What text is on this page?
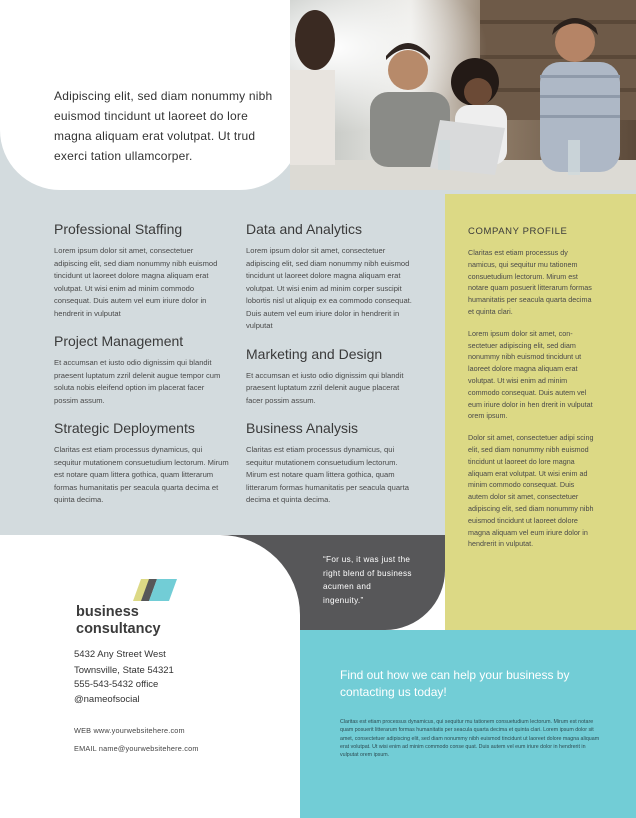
Adipiscing elit, sed diam nonummy nibh euismod tincidunt ut laoreet do lore magna aliquam erat volutpat. Ut trud exerci tation ullamcorper.
Professional Staffing

Lorem ipsum dolor sit amet, consectetuer adipiscing elit, sed diam nonummy nibh euismod tincidunt ut laoreet dolore magna aliquam erat volutpat. Ut wisi enim ad minim commodo consequat. Duis autem vel eum iriure dolor in hendrerit in vulputat

Project Management

Et accumsan et iusto odio dignissim qui blandit praesent luptatum zzril delenit augue tempor cum soluta nobis eleifend option im placerat facer possim assum.

Strategic Deployments

Claritas est etiam processus dynamicus, qui sequitur mutationem consuetudium lectorum. Mirum est notare quam littera gothica, quam litterarum formas humanitatis per seacula quarta decima et quinta decima.

Data and Analytics

Lorem ipsum dolor sit amet, consectetuer adipiscing elit, sed diam nonummy nibh euismod tincidunt ut laoreet dolore magna aliquam erat volutpat. Ut wisi enim ad minim corper suscipit lobortis nisl ut aliquip ex ea commodo consequat. Duis autem vel eum iriure dolor in hendrerit in vulputat

Marketing and Design

Et accumsan et iusto odio dignissim qui blandit praesent luptatum zzril delenit augue placerat facer possim assum.

Business Analysis

Claritas est etiam processus dynamicus, qui sequitur mutationem consuetudium lectorum. Mirum est notare quam littera gothica, quam litterarum formas humanitatis per seacula quarta decima et quinta decima.

COMPANY PROFILE

Claritas est etiam processus dy namicus, qui sequitur mu tationem consuetudium lectorum. Mirum est notare quam posuerit litterarum formas humanitatis per seacula quarta decima et quinta clari.

Lorem ipsum dolor sit amet, con- sectetuer adipiscing elit, sed diam nonummy nibh euismod tincidunt ut laoreet dolore magna aliquam erat volutpat. Ut wisi enim ad minim commodo consequat. Duis autem vel eum iriure dolor in hen drerit in vulputat orem ipsum.

Dolor sit amet, consectetuer adipi scing elit, sed diam nonummy nibh euismod tincidunt ut laoreet do lore magna aliquam erat volutpat. Ut wisi enim ad minim commodo consequat. Duis autem dolor sit amet, consectetuer adipiscing elit, sed diam nonummy nibh euismod tincidunt ut laoreet dolore magna aliquam vel eum iriure dolor in hendrerit in vulputat.

“For us, it was just the right blend of business acumen and ingenuity.”
business
consultancy
5432 Any Street West
Townsville, State 54321
555-543-5432 office
@nameofsocial
WEB www.yourwebsitehere.com
EMAIL name@yourwebsitehere.com
Find out how we can help your business by contacting us today!
Claritas est etiam processus dynamicus, qui sequitur mu tationem consuetudium lectorum. Mirum est notare quam posuerit litterarum formas humanitatis per seacula quarta decima et quinta clari. Lorem ipsum dolor sit amet, consectetuer adipiscing elit, sed diam nonummy nibh euismod tincidunt ut laoreet dolore magna aliquam erat volutpat. Ut wisi enim ad minim commodo conse quat. Duis autem vel eum iriure dolor in hendrerit in vulputat orem ipsum.
